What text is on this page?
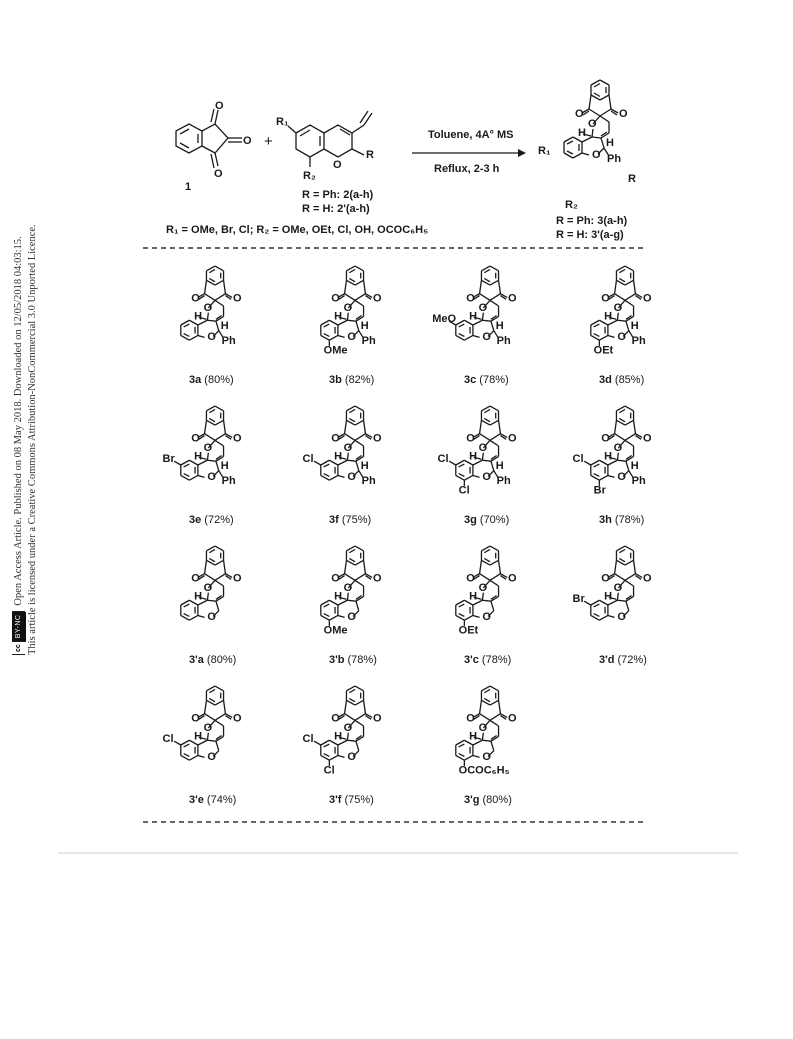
cc
BY-NC
Open Access Article. Published on 08 May 2018. Downloaded on 12/05/2018 04:03:15. This article is licensed under a Creative Commons Attribution-NonCommercial 3.0 Unported Licence.
O
O
O
1
+
R₁
O
R
R₂
R = Ph: 2(a-h)
R = H: 2'(a-h)
Toluene, 4A° MS
Reflux, 2-3 h
O	O
O
H
O
H
Ph
R₁
R₂
R
R = Ph: 3(a-h)
R = H: 3'(a-g)
R₁ = OMe, Br, Cl; R₂ = OMe, OEt, Cl, OH, OCOC₆H₅
O	O
O
H
O
H
Ph
3a (80%)
O	O
O
H
O
H
Ph
OMe
3b (82%)
O	O
O
H
O
H
Ph
MeO
3c (78%)
O	O
O
H
O
H
Ph
OEt
3d (85%)
O	O
O
H
O
H
Ph
Br
3e (72%)
O	O
O
H
O
H
Ph
Cl
3f (75%)
O	O
O
H
O
H
Ph
Cl
Cl
3g (70%)
O	O
O
H
O
H
Ph
Cl
Br
3h (78%)
O	O
O
H
O
3'a (80%)
O	O
O
H
O
OMe
3'b (78%)
O	O
O
H
O
OEt
3'c (78%)
O	O
O
H
O
Br
3'd (72%)
O	O
O
H
O
Cl
3'e (74%)
O	O
O
H
O
Cl
Cl
3'f (75%)
O	O
O
H
O
OCOC₆H₅
3'g (80%)
